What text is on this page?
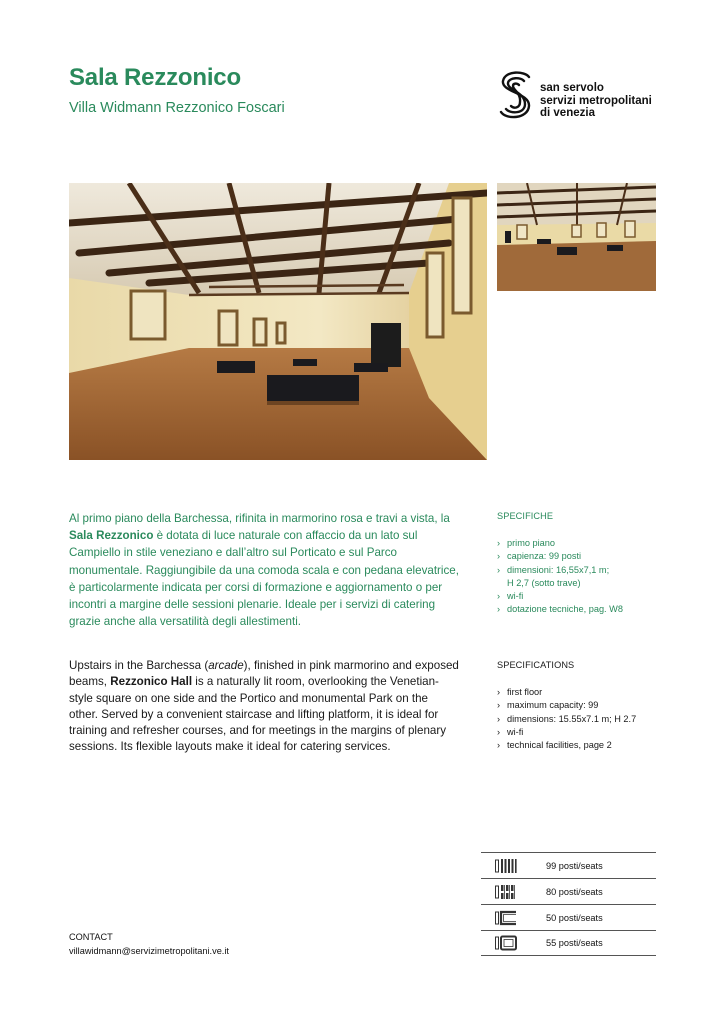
Sala Rezzonico
Villa Widmann Rezzonico Foscari
san servolo
servizi metropolitani
di venezia

Al primo piano della Barchessa, rifinita in marmorino rosa e travi a vista, la Sala Rezzonico è dotata di luce naturale con affaccio da un lato sul Campiello in stile veneziano e dall’altro sul Porticato e sul Parco monumentale. Raggiungibile da una comoda scala e con pedana elevatrice, è particolarmente indicata per corsi di formazione e aggiornamento o per incontri a margine delle sessioni plenarie. Ideale per i servizi di catering grazie anche alla versatilità degli allestimenti.

Upstairs in the Barchessa (arcade), finished in pink marmorino and exposed beams, Rezzonico Hall is a naturally lit room, overlooking the Venetian-style square on one side and the Portico and monumental Park on the other. Served by a convenient staircase and lifting platform, it is ideal for training and refresher courses, and for meetings in the margins of plenary sessions. Its flexible layouts make it ideal for catering services.

SPECIFICHE
› primo piano
› capienza: 99 posti
› dimensioni: 16,55x7,1 m;
H 2,7 (sotto trave)
› wi-fi
› dotazione tecniche, pag. W8
SPECIFICATIONS
› first floor
› maximum capacity: 99
› dimensions: 15.55x7.1 m; H 2.7
› wi-fi
› technical facilities, page 2
99 posti/seats
80 posti/seats
50 posti/seats
55 posti/seats
CONTACT
villawidmann@servizimetropolitani.ve.it
